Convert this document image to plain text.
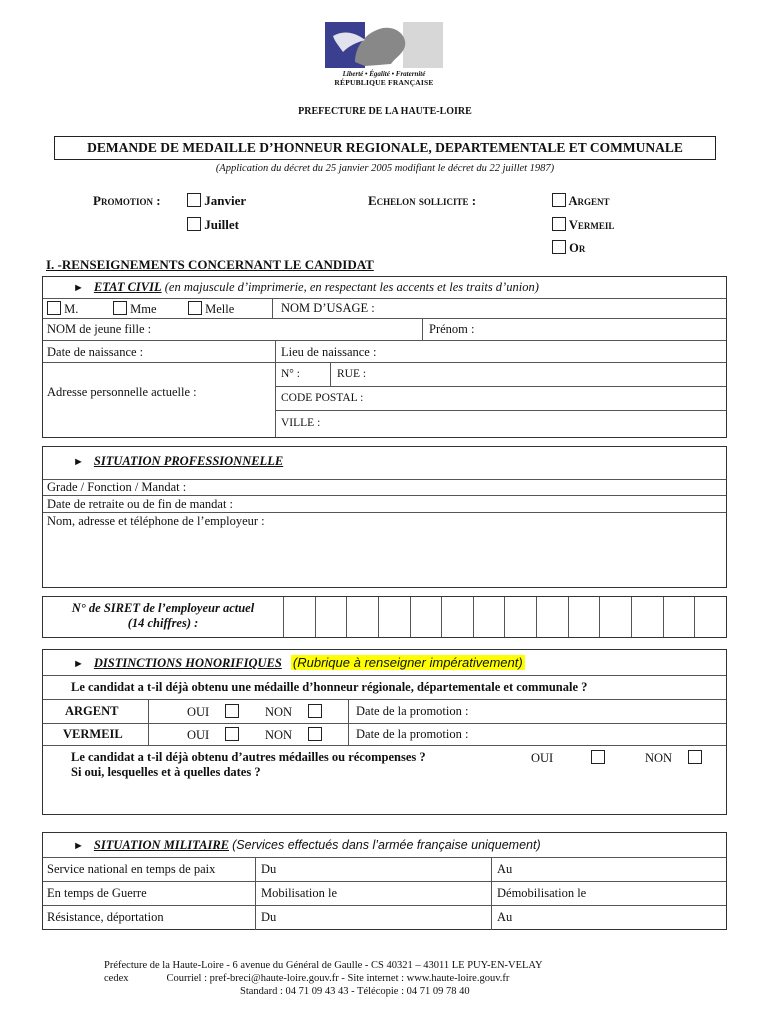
Liberté • Égalité • Fraternité
RÉPUBLIQUE FRANÇAISE
PREFECTURE DE LA HAUTE-LOIRE
DEMANDE DE MEDAILLE D’HONNEUR REGIONALE, DEPARTEMENTALE ET COMMUNALE
(Application du décret du 25 janvier 2005 modifiant le décret du 22 juillet 1987)
Promotion :	Janvier
Juillet
Echelon sollicite :	Argent
Vermeil
Or
I. -RENSEIGNEMENTS CONCERNANT LE CANDIDAT
► ETAT CIVIL (en majuscule d’imprimerie, en respectant les accents et les traits d’union)
M.	Mme	Melle	NOM D’USAGE :
NOM de jeune fille :	Prénom :
Date de naissance :	Lieu de naissance :
Adresse personnelle actuelle :
N° :	RUE :
CODE POSTAL :
VILLE :
► SITUATION PROFESSIONNELLE
Grade / Fonction / Mandat :
Date de retraite ou de fin de mandat :
Nom, adresse et téléphone de l’employeur :
N° de SIRET de l’employeur actuel
(14 chiffres) :
► DISTINCTIONS HONORIFIQUES (Rubrique à renseigner impérativement)
Le candidat a t-il déjà obtenu une médaille d’honneur régionale, départementale et communale ?
ARGENT	OUI	NON	Date de la promotion :
VERMEIL	OUI	NON	Date de la promotion :
Le candidat a t-il déjà obtenu d’autres médailles ou récompenses ?
Si oui, lesquelles et à quelles dates ?
OUI	NON
► SITUATION MILITAIRE (Services effectués dans l’armée française uniquement)
Service national en temps de paix	Du	Au
En temps de Guerre	Mobilisation le	Démobilisation le
Résistance, déportation	Du	Au
Préfecture de la Haute-Loire - 6 avenue du Général de Gaulle - CS 40321 – 43011 LE PUY-EN-VELAY
cedex	Courriel : pref-breci@haute-loire.gouv.fr - Site internet : www.haute-loire.gouv.fr
Standard : 04 71 09 43 43 - Télécopie : 04 71 09 78 40
